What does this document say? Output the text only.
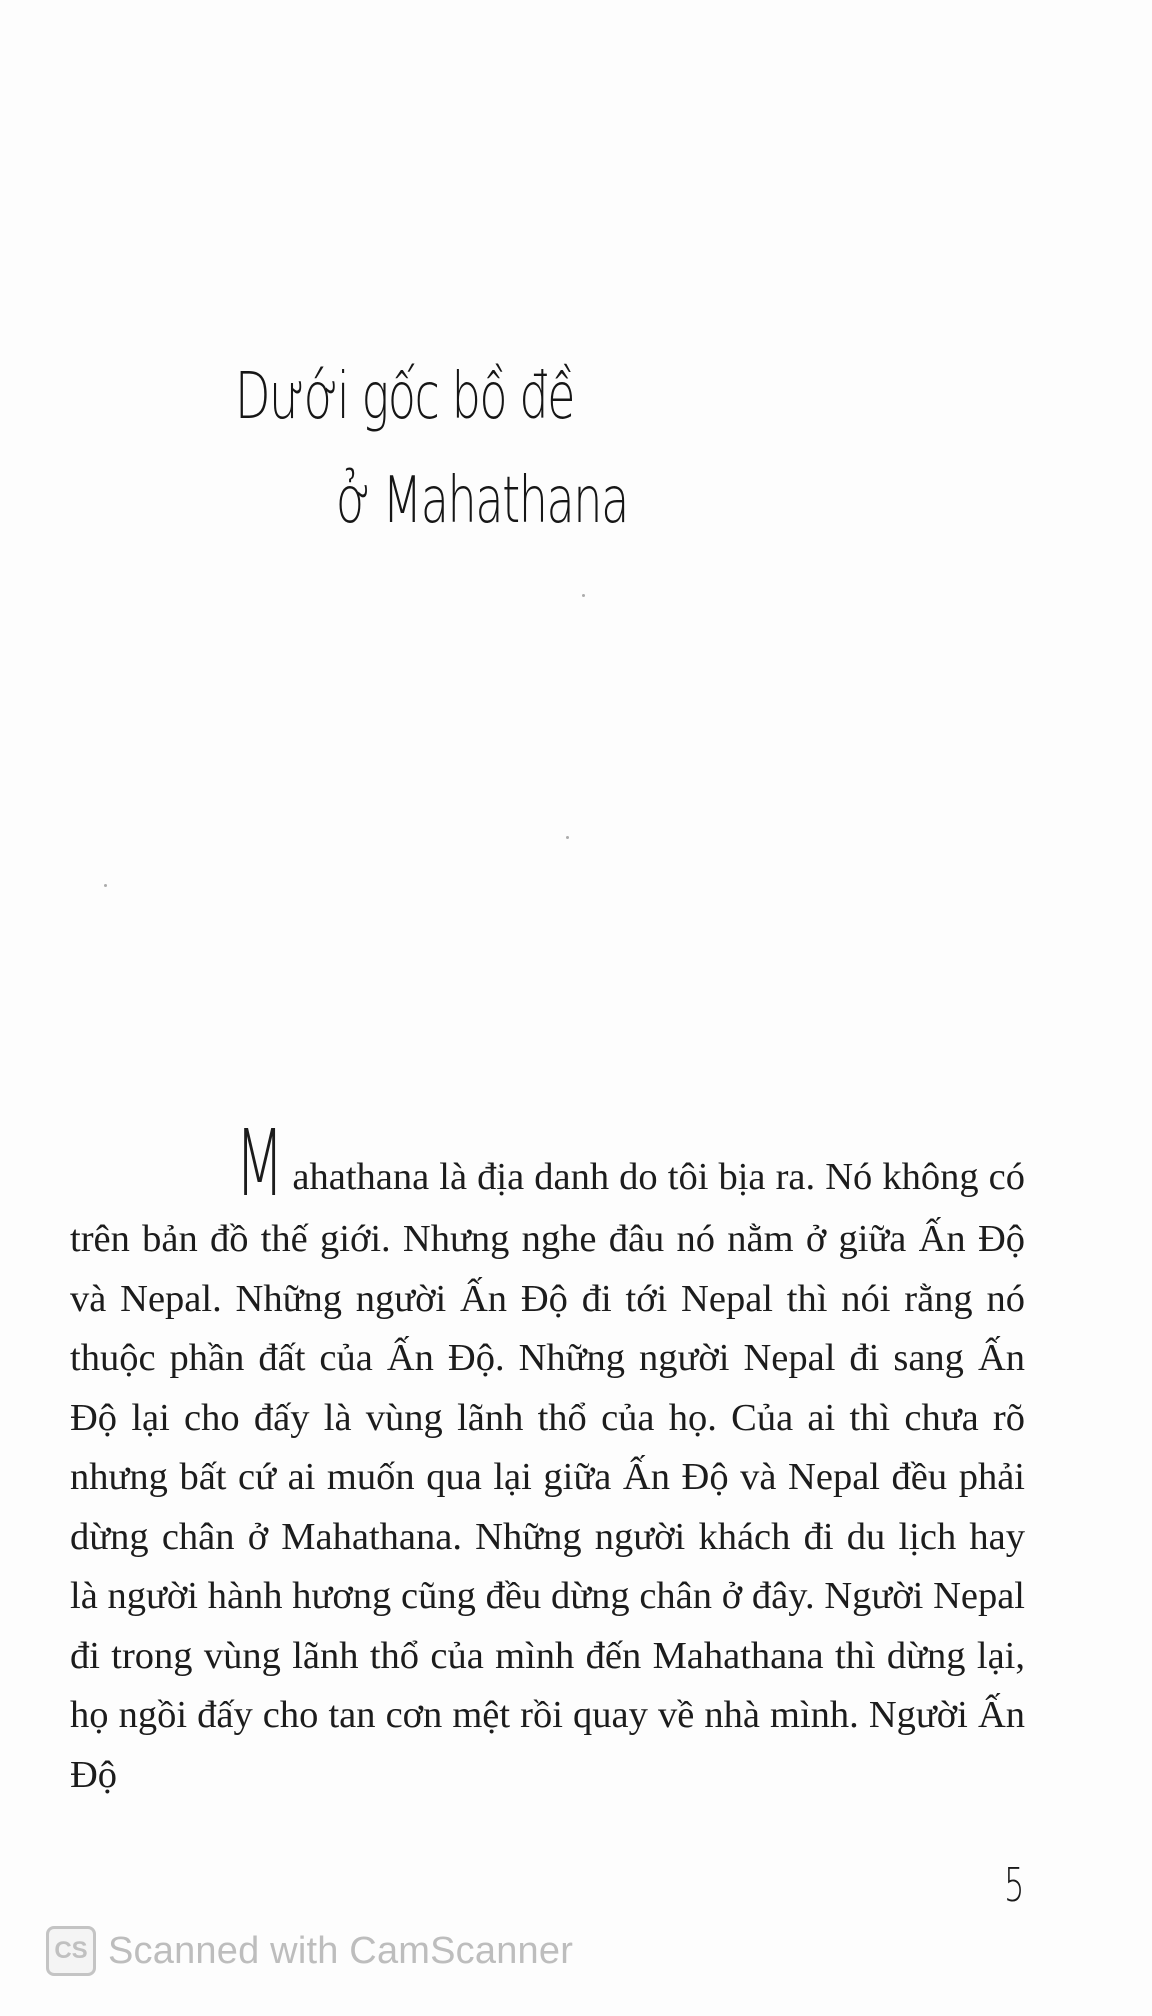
Dưới gốc bồ đề
ở Mahathana

Mahathana là địa danh do tôi bịa ra. Nó không có trên bản đồ thế giới. Nhưng nghe đâu nó nằm ở giữa Ấn Độ và Nepal. Những người Ấn Độ đi tới Nepal thì nói rằng nó thuộc phần đất của Ấn Độ. Những người Nepal đi sang Ấn Độ lại cho đấy là vùng lãnh thổ của họ. Của ai thì chưa rõ nhưng bất cứ ai muốn qua lại giữa Ấn Độ và Nepal đều phải dừng chân ở Mahathana. Những người khách đi du lịch hay là người hành hương cũng đều dừng chân ở đây. Người Nepal đi trong vùng lãnh thổ của mình đến Mahathana thì dừng lại, họ ngồi đấy cho tan cơn mệt rồi quay về nhà mình. Người Ấn Độ

5
CS Scanned with CamScanner
